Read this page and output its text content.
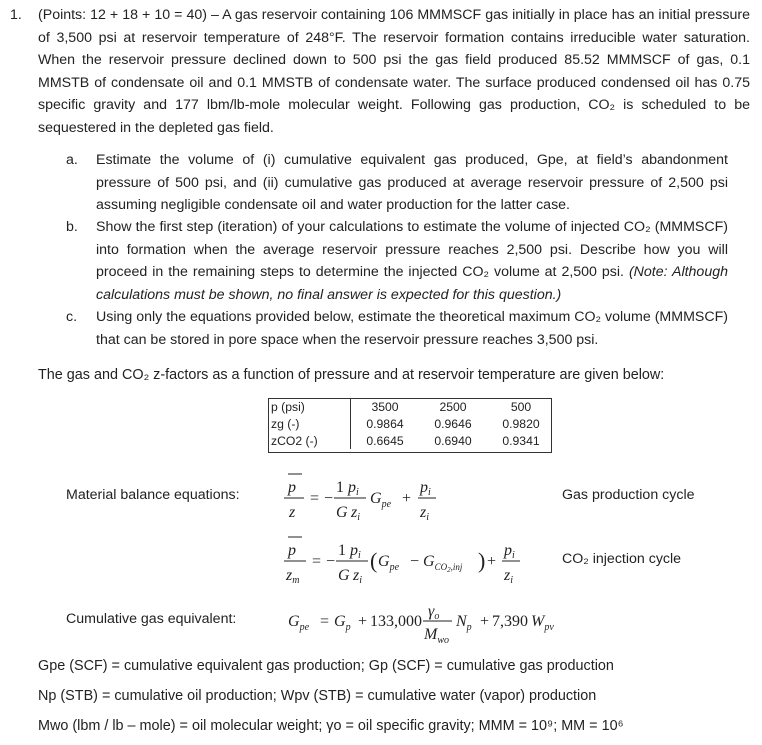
1. (Points: 12 + 18 + 10 = 40) – A gas reservoir containing 106 MMMSCF gas initially in place has an initial pressure of 3,500 psi at reservoir temperature of 248°F. The reservoir formation contains irreducible water saturation. When the reservoir pressure declined down to 500 psi the gas field produced 85.52 MMMSCF of gas, 0.1 MMSTB of condensate oil and 0.1 MMSTB of condensate water. The surface produced condensed oil has 0.75 specific gravity and 177 lbm/lb-mole molecular weight. Following gas production, CO₂ is scheduled to be sequestered in the depleted gas field.
a. Estimate the volume of (i) cumulative equivalent gas produced, Gpe, at field’s abandonment pressure of 500 psi, and (ii) cumulative gas produced at average reservoir pressure of 2,500 psi assuming negligible condensate oil and water production for the latter case.
b. Show the first step (iteration) of your calculations to estimate the volume of injected CO₂ (MMMSCF) into formation when the average reservoir pressure reaches 2,500 psi. Describe how you will proceed in the remaining steps to determine the injected CO₂ volume at 2,500 psi. (Note: Although calculations must be shown, no final answer is expected for this question.)
c. Using only the equations provided below, estimate the theoretical maximum CO₂ volume (MMMSCF) that can be stored in pore space when the reservoir pressure reaches 3,500 psi.
The gas and CO₂ z-factors as a function of pressure and at reservoir temperature are given below:
p (psi)	3500	2500	500
zg (-)	0.9864	0.9646	0.9820
zCO2 (-)	0.6645	0.6940	0.9341
Material balance equations:	Gas production cycle
CO₂ injection cycle
Cumulative gas equivalent:
p
z
= −
1 pi
G zi
$G_{pe}$ +
pi
zi
p
zm
= −
1 pi
G zi
( $G_{pe} - G_{CO_2,inj}$ ) +
pi
zi
$G_{pe} = G_p + 133,000$
γo
$M_{wo}$
$N_p + 7,390$ $W_{pv}$
Gpe (SCF) = cumulative equivalent gas production; Gp (SCF) = cumulative gas production
Np (STB) = cumulative oil production; Wpv (STB) = cumulative water (vapor) production
Mwo (lbm / lb – mole) = oil molecular weight; γo = oil specific gravity; MMM = 10⁹; MM = 10⁶
